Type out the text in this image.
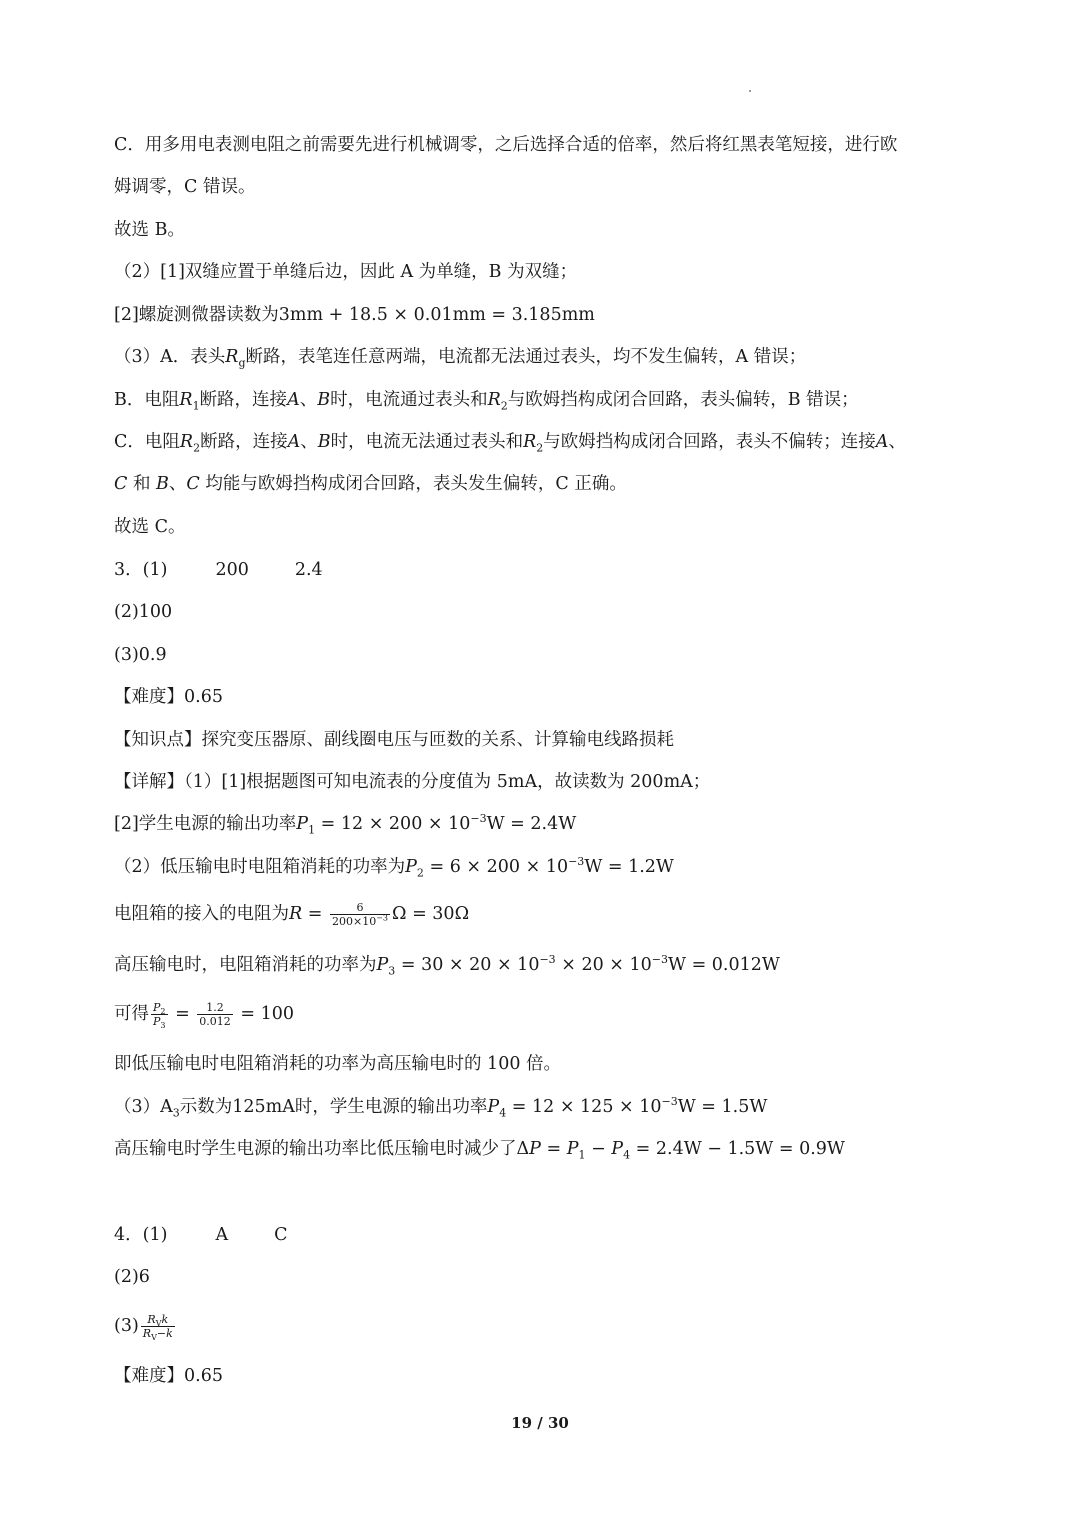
C．用多用电表测电阻之前需要先进行机械调零，之后选择合适的倍率，然后将红黑表笔短接，进行欧
姆调零，C 错误。
故选 B。
（2）[1]双缝应置于单缝后边，因此 A 为单缝，B 为双缝；
[2]螺旋测微器读数为3mm + 18.5 × 0.01mm = 3.185mm
（3）A．表头$R_g$断路，表笔连任意两端，电流都无法通过表头，均不发生偏转，A 错误；
B．电阻$R_1$断路，连接A、B时，电流通过表头和$R_2$与欧姆挡构成闭合回路，表头偏转，B 错误；
C．电阻$R_2$断路，连接A、B时，电流无法通过表头和$R_2$与欧姆挡构成闭合回路，表头不偏转；连接A、
C 和 B、C 均能与欧姆挡构成闭合回路，表头发生偏转，C 正确。
故选 C。
3．(1)	200	2.4
(2)100
(3)0.9
【难度】0.65
【知识点】探究变压器原、副线圈电压与匝数的关系、计算输电线路损耗
【详解】（1）[1]根据题图可知电流表的分度值为 5mA，故读数为 200mA；
[2]学生电源的输出功率$P_1 = 12 \times 200 \times 10^{-3}W = 2.4W$
（2）低压输电时电阻箱消耗的功率为$P_2 = 6 \times 200 \times 10^{-3}W = 1.2W$
电阻箱的接入的电阻为$R = \frac{6}{200\times 10^{-3}}$ Ω = 30Ω
高压输电时，电阻箱消耗的功率为$P_3 = 30 \times 20 \times 10^{-3} \times 20 \times 10^{-3}W = 0.012W$
可得 $\frac{P_2}{P_3} = \frac{1.2}{0.012} = 100$
即低压输电时电阻箱消耗的功率为高压输电时的 100 倍。
$(3)A_3$示数为125mA时，学生电源的输出功率$P_4 = 12 \times 125 \times 10^{-3}W = 1.5W$
高压输电时学生电源的输出功率比低压输电时减少了$\Delta P = P_1 - P_4 = 2.4W - 1.5W = 0.9W$
4．(1)	A	C
(2)6
$(3) \frac{R_Vk}{R_V-k}$
【难度】0.65
19 / 30
